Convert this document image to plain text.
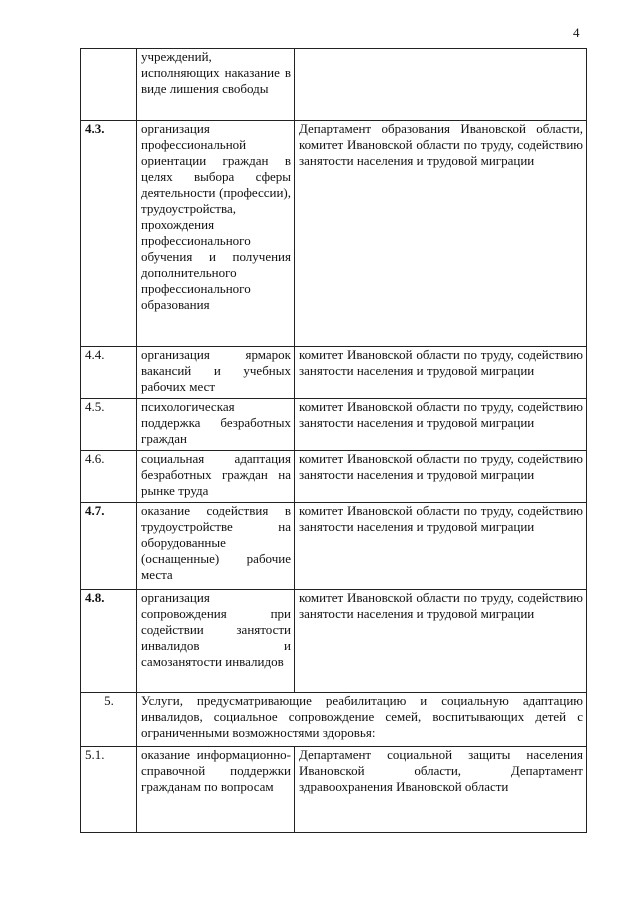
4
	учреждений, исполняющих наказание в виде лишения свободы	
4.3.	организация профессиональной ориентации граждан в целях выбора сферы деятельности (профессии), трудоустройства, прохождения профессионального обучения и получения дополнительного профессионального образования	Департамент образования Ивановской области, комитет Ивановской области по труду, содействию занятости населения и трудовой миграции
4.4.	организация ярмарок вакансий и учебных рабочих мест	комитет Ивановской области по труду, содействию занятости населения и трудовой миграции
4.5.	психологическая поддержка безработных граждан	комитет Ивановской области по труду, содействию занятости населения и трудовой миграции
4.6.	социальная адаптация безработных граждан на рынке труда	комитет Ивановской области по труду, содействию занятости населения и трудовой миграции
4.7.	оказание содействия в трудоустройстве на оборудованные (оснащенные) рабочие места	комитет Ивановской области по труду, содействию занятости населения и трудовой миграции
4.8.	организация сопровождения при содействии занятости инвалидов и самозанятости инвалидов	комитет Ивановской области по труду, содействию занятости населения и трудовой миграции
5.	Услуги, предусматривающие реабилитацию и социальную адаптацию инвалидов, социальное сопровождение семей, воспитывающих детей с ограниченными возможностями здоровья:	
5.1.	оказание информационно-справочной поддержки гражданам по вопросам	Департамент социальной защиты населения Ивановской области, Департамент здравоохранения Ивановской области
